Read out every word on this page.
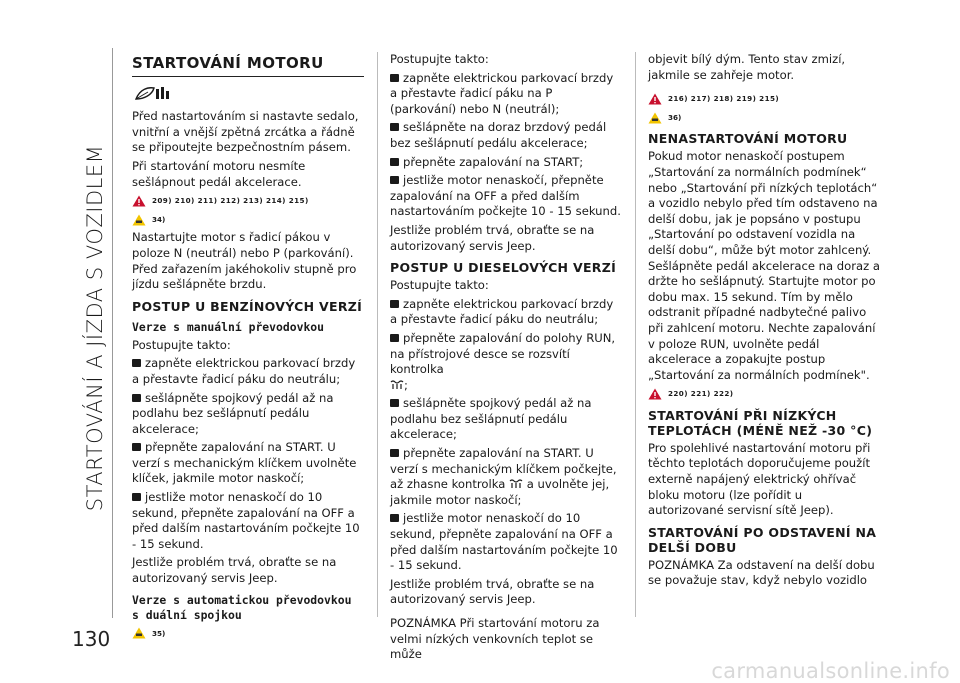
STARTOVÁNÍ A JÍZDA S VOZIDLEM
130
STARTOVÁNÍ MOTORU

Před nastartováním si nastavte sedalo, vnitřní a vnější zpětná zrcátka a řádně se připoutejte bezpečnostním pásem.

Při startování motoru nesmíte sešlápnout pedál akcelerace.

209) 210) 211) 212) 213) 214) 215)
34)

Nastartujte motor s řadicí pákou v poloze N (neutrál) nebo P (parkování). Před zařazením jakéhokoliv stupně pro jízdu sešlápněte brzdu.

POSTUP U BENZÍNOVÝCH VERZÍ
Verze s manuální převodovkou

Postupujte takto:

zapněte elektrickou parkovací brzdy a přestavte řadicí páku do neutrálu;

sešlápněte spojkový pedál až na podlahu bez sešlápnutí pedálu akcelerace;

přepněte zapalování na START. U verzí s mechanickým klíčkem uvolněte klíček, jakmile motor naskočí;

jestliže motor nenaskočí do 10 sekund, přepněte zapalování na OFF a před dalším nastartováním počkejte 10 - 15 sekund.

Jestliže problém trvá, obraťte se na autorizovaný servis Jeep.

Verze s automatickou převodovkou s duální spojkou
35)

Postupujte takto:

zapněte elektrickou parkovací brzdy a přestavte řadicí páku na P (parkování) nebo N (neutrál);

sešlápněte na doraz brzdový pedál bez sešlápnutí pedálu akcelerace;

přepněte zapalování na START;

jestliže motor nenaskočí, přepněte zapalování na OFF a před dalším nastartováním počkejte 10 - 15 sekund.

Jestliže problém trvá, obraťte se na autorizovaný servis Jeep.

POSTUP U DIESELOVÝCH VERZÍ

Postupujte takto:

zapněte elektrickou parkovací brzdy a přestavte řadicí páku do neutrálu;

přepněte zapalování do polohy RUN, na přístrojové desce se rozsvítí kontrolka
;

sešlápněte spojkový pedál až na podlahu bez sešlápnutí pedálu akcelerace;

přepněte zapalování na START. U verzí s mechanickým klíčkem počkejte,
až zhasne kontrolka a uvolněte jej, jakmile motor naskočí;

jestliže motor nenaskočí do 10 sekund, přepněte zapalování na OFF a před dalším nastartováním počkejte 10 - 15 sekund.

Jestliže problém trvá, obraťte se na autorizovaný servis Jeep.

POZNÁMKA Při startování motoru za velmi nízkých venkovních teplot se může

objevit bílý dým. Tento stav zmizí, jakmile se zahřeje motor.

216) 217) 218) 219) 215)
36)
NENASTARTOVÁNÍ MOTORU

Pokud motor nenaskočí postupem „Startování za normálních podmínek“ nebo „Startování při nízkých teplotách“ a vozidlo nebylo před tím odstaveno na delší dobu, jak je popsáno v postupu „Startování po odstavení vozidla na delší dobu“, může být motor zahlcený. Sešlápněte pedál akcelerace na doraz a držte ho sešlápnutý. Startujte motor po dobu max. 15 sekund. Tím by mělo odstranit případné nadbytečné palivo při zahlcení motoru. Nechte zapalování v poloze RUN, uvolněte pedál akcelerace a zopakujte postup „Startování za normálních podmínek".

220) 221) 222)
STARTOVÁNÍ PŘI NÍZKÝCH TEPLOTÁCH (MÉNĚ NEŽ -30 °C)

Pro spolehlivé nastartování motoru při těchto teplotách doporučujeme použít externě napájený elektrický ohřívač bloku motoru (lze pořídit u autorizované servisní sítě Jeep).

STARTOVÁNÍ PO ODSTAVENÍ NA DELŠÍ DOBU

POZNÁMKA Za odstavení na delší dobu se považuje stav, když nebylo vozidlo

carmanualsonline.info
